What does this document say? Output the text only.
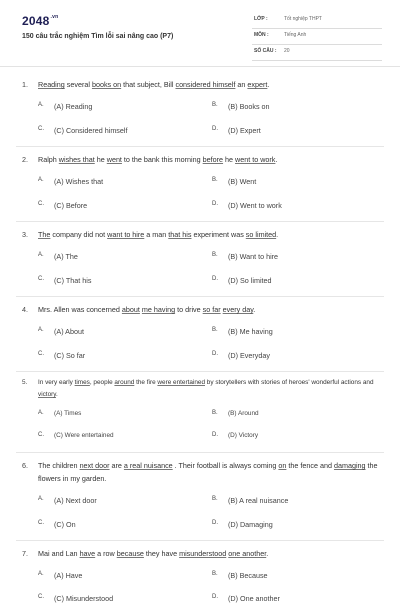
$2048^{.vn}$
150 câu trắc nghiệm Tìm lỗi sai nâng cao (P7)
LỚP :	Tốt nghiệp THPT
MÔN :	Tiếng Anh
SỐ CÂU : 20
1. Reading several books on that subject, Bill considered himself an expert.
A. (A) Reading	B. (B) Books on
C. (C) Considered himself	D. (D) Expert
2. Ralph wishes that he went to the bank this morning before he went to work.
A. (A) Wishes that	B. (B) Went
C. (C) Before	D. (D) Went to work
3. The company did not want to hire a man that his experiment was so limited.
A. (A) The	B. (B) Want to hire
C. (C) That his	D. (D) So limited
4. Mrs. Allen was concerned about me having to drive so far every day.
A. (A) About	B. (B) Me having
C. (C) So far	D. (D) Everyday
5. In very early times, people around the fire were entertained by storytellers with stories of heroes' wonderful actions and victory.
A. (A) Times	B. (B) Around
C. (C) Were entertained	D. (D) Victory
6. The children next door are a real nuisance . Their football is always coming on the fence and damaging the flowers in my garden.
A. (A) Next door	B. (B) A real nuisance
C. (C) On	D. (D) Damaging
7. Mai and Lan have a row because they have misunderstood one another.
A. (A) Have	B. (B) Because
C. (C) Misunderstood	D. (D) One another
